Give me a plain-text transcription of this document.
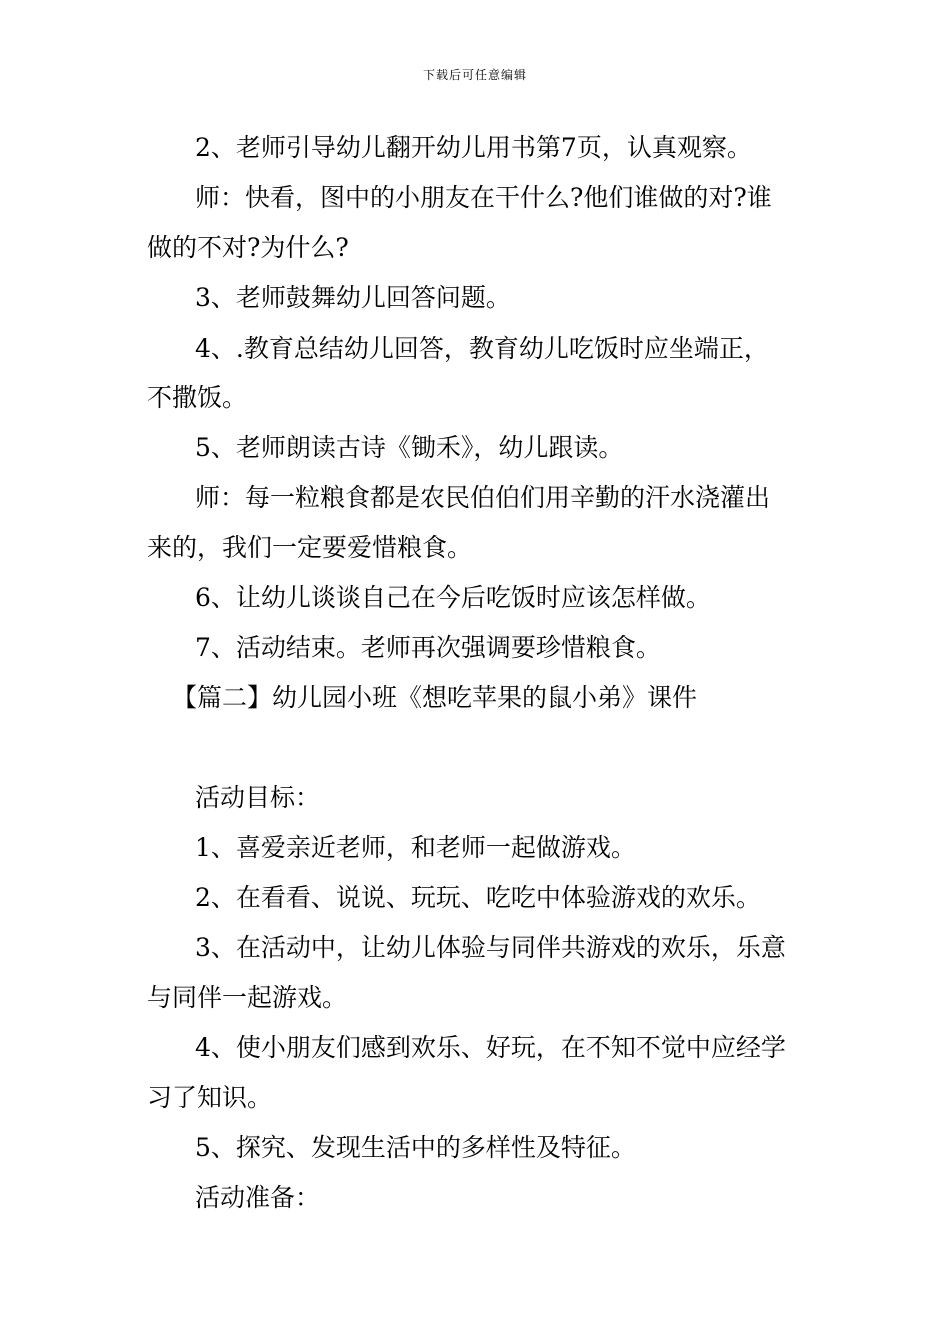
下载后可任意编辑
2、老师引导幼儿翻开幼儿用书第7页，认真观察。
师：快看，图中的小朋友在干什么?他们谁做的对?谁
做的不对?为什么?
3、老师鼓舞幼儿回答问题。
4、.教育总结幼儿回答，教育幼儿吃饭时应坐端正，
不撒饭。
5、老师朗读古诗《锄禾》，幼儿跟读。
师：每一粒粮食都是农民伯伯们用辛勤的汗水浇灌出
来的，我们一定要爱惜粮食。
6、让幼儿谈谈自己在今后吃饭时应该怎样做。
7、活动结束。老师再次强调要珍惜粮食。
【篇二】幼儿园小班《想吃苹果的鼠小弟》课件
活动目标：
1、喜爱亲近老师，和老师一起做游戏。
2、在看看、说说、玩玩、吃吃中体验游戏的欢乐。
3、在活动中，让幼儿体验与同伴共游戏的欢乐，乐意
与同伴一起游戏。
4、使小朋友们感到欢乐、好玩，在不知不觉中应经学
习了知识。
5、探究、发现生活中的多样性及特征。
活动准备：
